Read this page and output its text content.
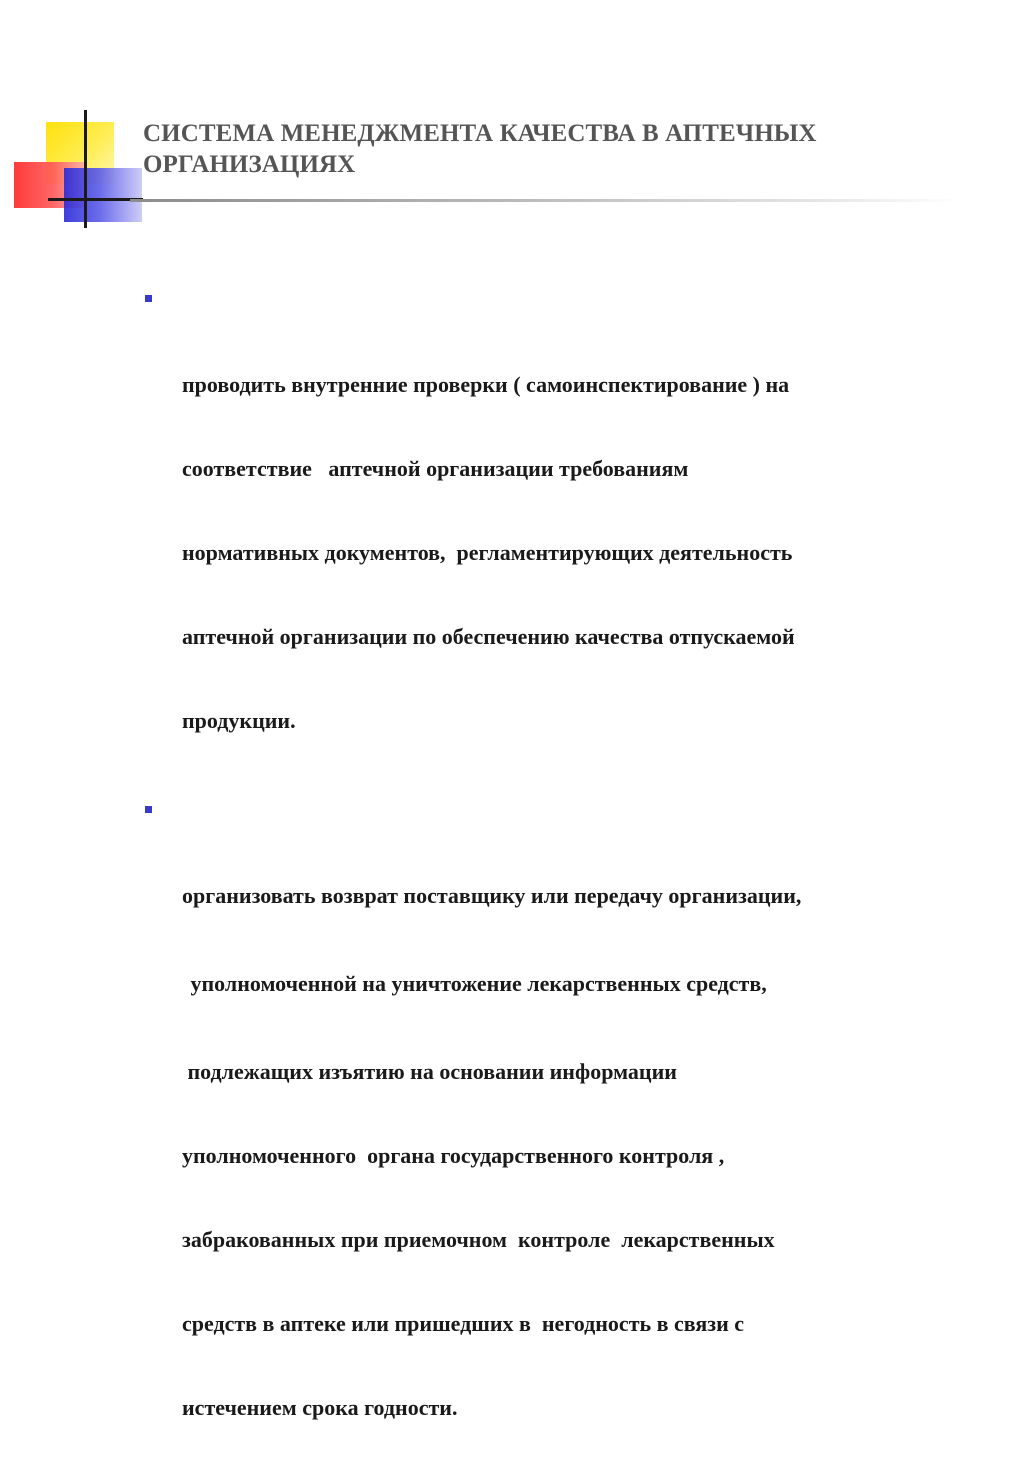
СИСТЕМА МЕНЕДЖМЕНТА КАЧЕСТВА В АПТЕЧНЫХ
ОРГАНИЗАЦИЯХ

проводить внутренние проверки ( самоинспектирование ) на

соответствие   аптечной организации требованиям

нормативных документов,  регламентирующих деятельность

аптечной организации по обеспечению качества отпускаемой

продукции.

организовать возврат поставщику или передачу организации,

уполномоченной на уничтожение лекарственных средств,

подлежащих изъятию на основании информации

уполномоченного  органа государственного контроля ,

забракованных при приемочном  контроле  лекарственных

средств в аптеке или пришедших в  негодность в связи с

истечением срока годности.
